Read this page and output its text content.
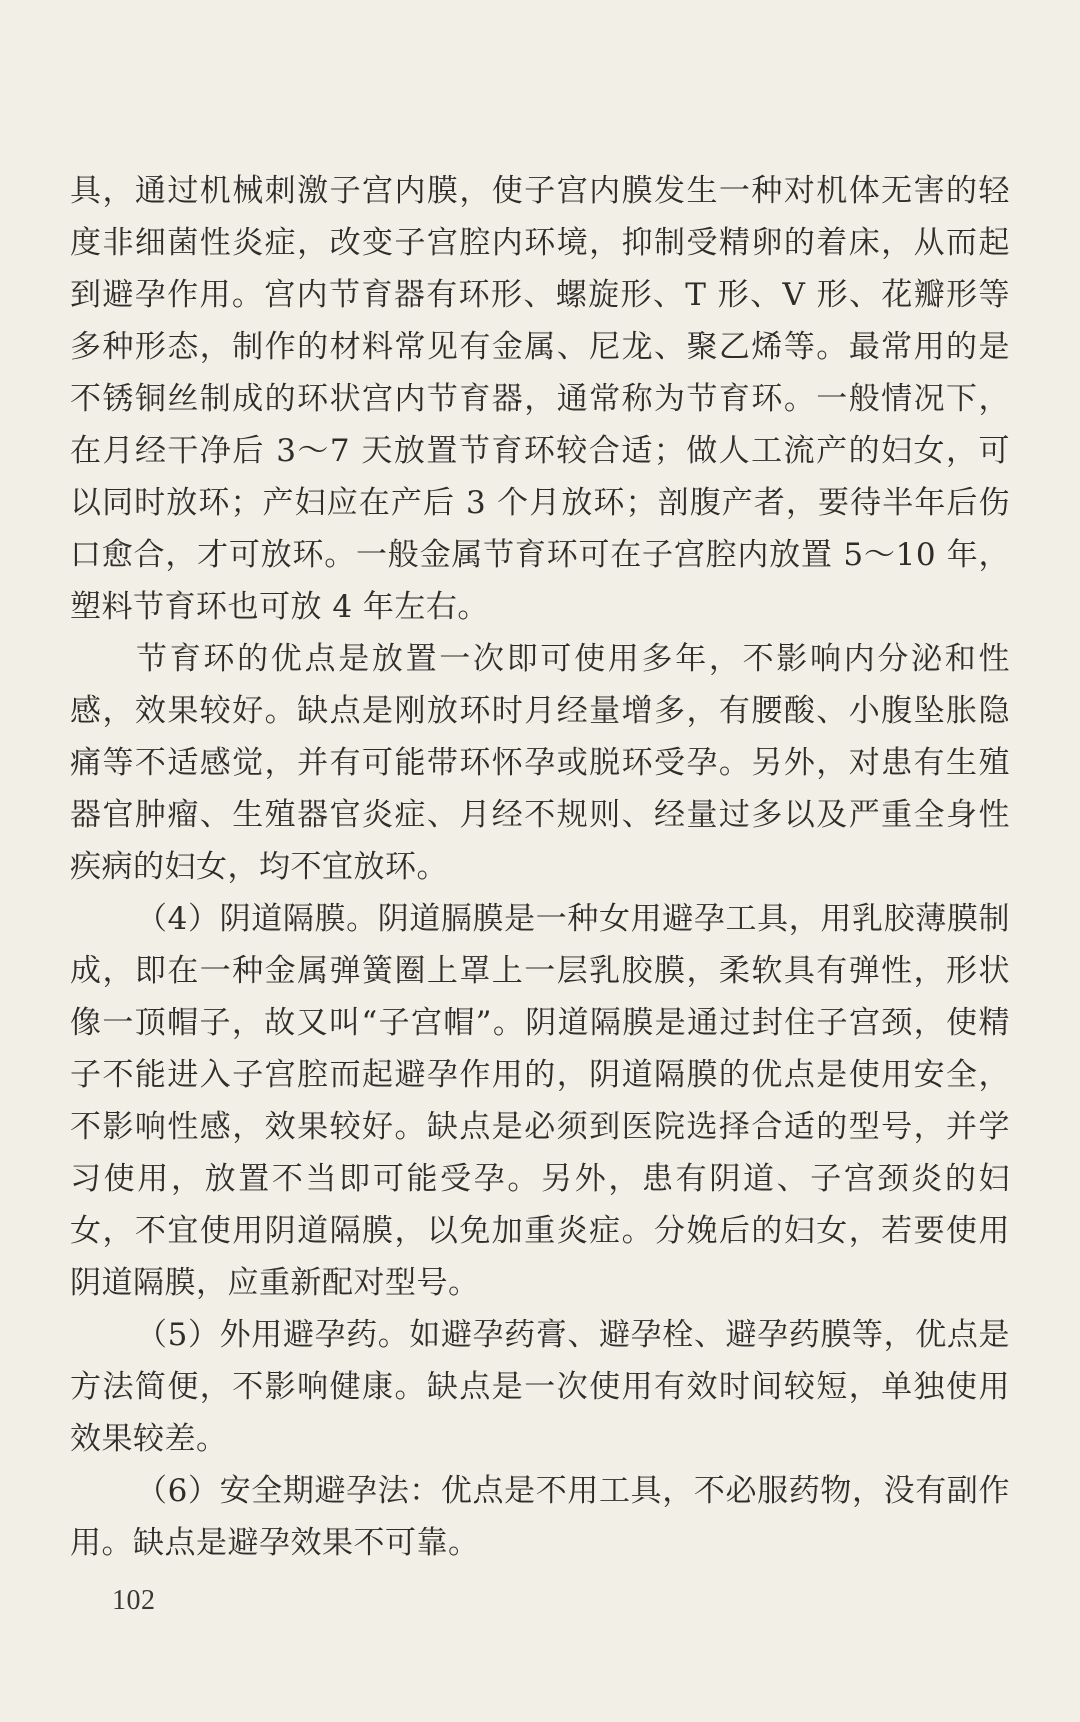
具，通过机械刺激子宫内膜，使子宫内膜发生一种对机体无害的轻度非细菌性炎症，改变子宫腔内环境，抑制受精卵的着床，从而起到避孕作用。宫内节育器有环形、螺旋形、T 形、V 形、花瓣形等多种形态，制作的材料常见有金属、尼龙、聚乙烯等。最常用的是不锈铜丝制成的环状宫内节育器，通常称为节育环。一般情况下，在月经干净后 3～7 天放置节育环较合适；做人工流产的妇女，可以同时放环；产妇应在产后 3 个月放环；剖腹产者，要待半年后伤口愈合，才可放环。一般金属节育环可在子宫腔内放置 5～10 年，塑料节育环也可放 4 年左右。

节育环的优点是放置一次即可使用多年，不影响内分泌和性感，效果较好。缺点是刚放环时月经量增多，有腰酸、小腹坠胀隐痛等不适感觉，并有可能带环怀孕或脱环受孕。另外，对患有生殖器官肿瘤、生殖器官炎症、月经不规则、经量过多以及严重全身性疾病的妇女，均不宜放环。

（4）阴道隔膜。阴道膈膜是一种女用避孕工具，用乳胶薄膜制成，即在一种金属弹簧圈上罩上一层乳胶膜，柔软具有弹性，形状像一顶帽子，故又叫“子宫帽”。阴道隔膜是通过封住子宫颈，使精子不能进入子宫腔而起避孕作用的，阴道隔膜的优点是使用安全，不影响性感，效果较好。缺点是必须到医院选择合适的型号，并学习使用，放置不当即可能受孕。另外，患有阴道、子宫颈炎的妇女，不宜使用阴道隔膜，以免加重炎症。分娩后的妇女，若要使用阴道隔膜，应重新配对型号。

（5）外用避孕药。如避孕药膏、避孕栓、避孕药膜等，优点是方法简便，不影响健康。缺点是一次使用有效时间较短，单独使用效果较差。

（6）安全期避孕法：优点是不用工具，不必服药物，没有副作用。缺点是避孕效果不可靠。

102
